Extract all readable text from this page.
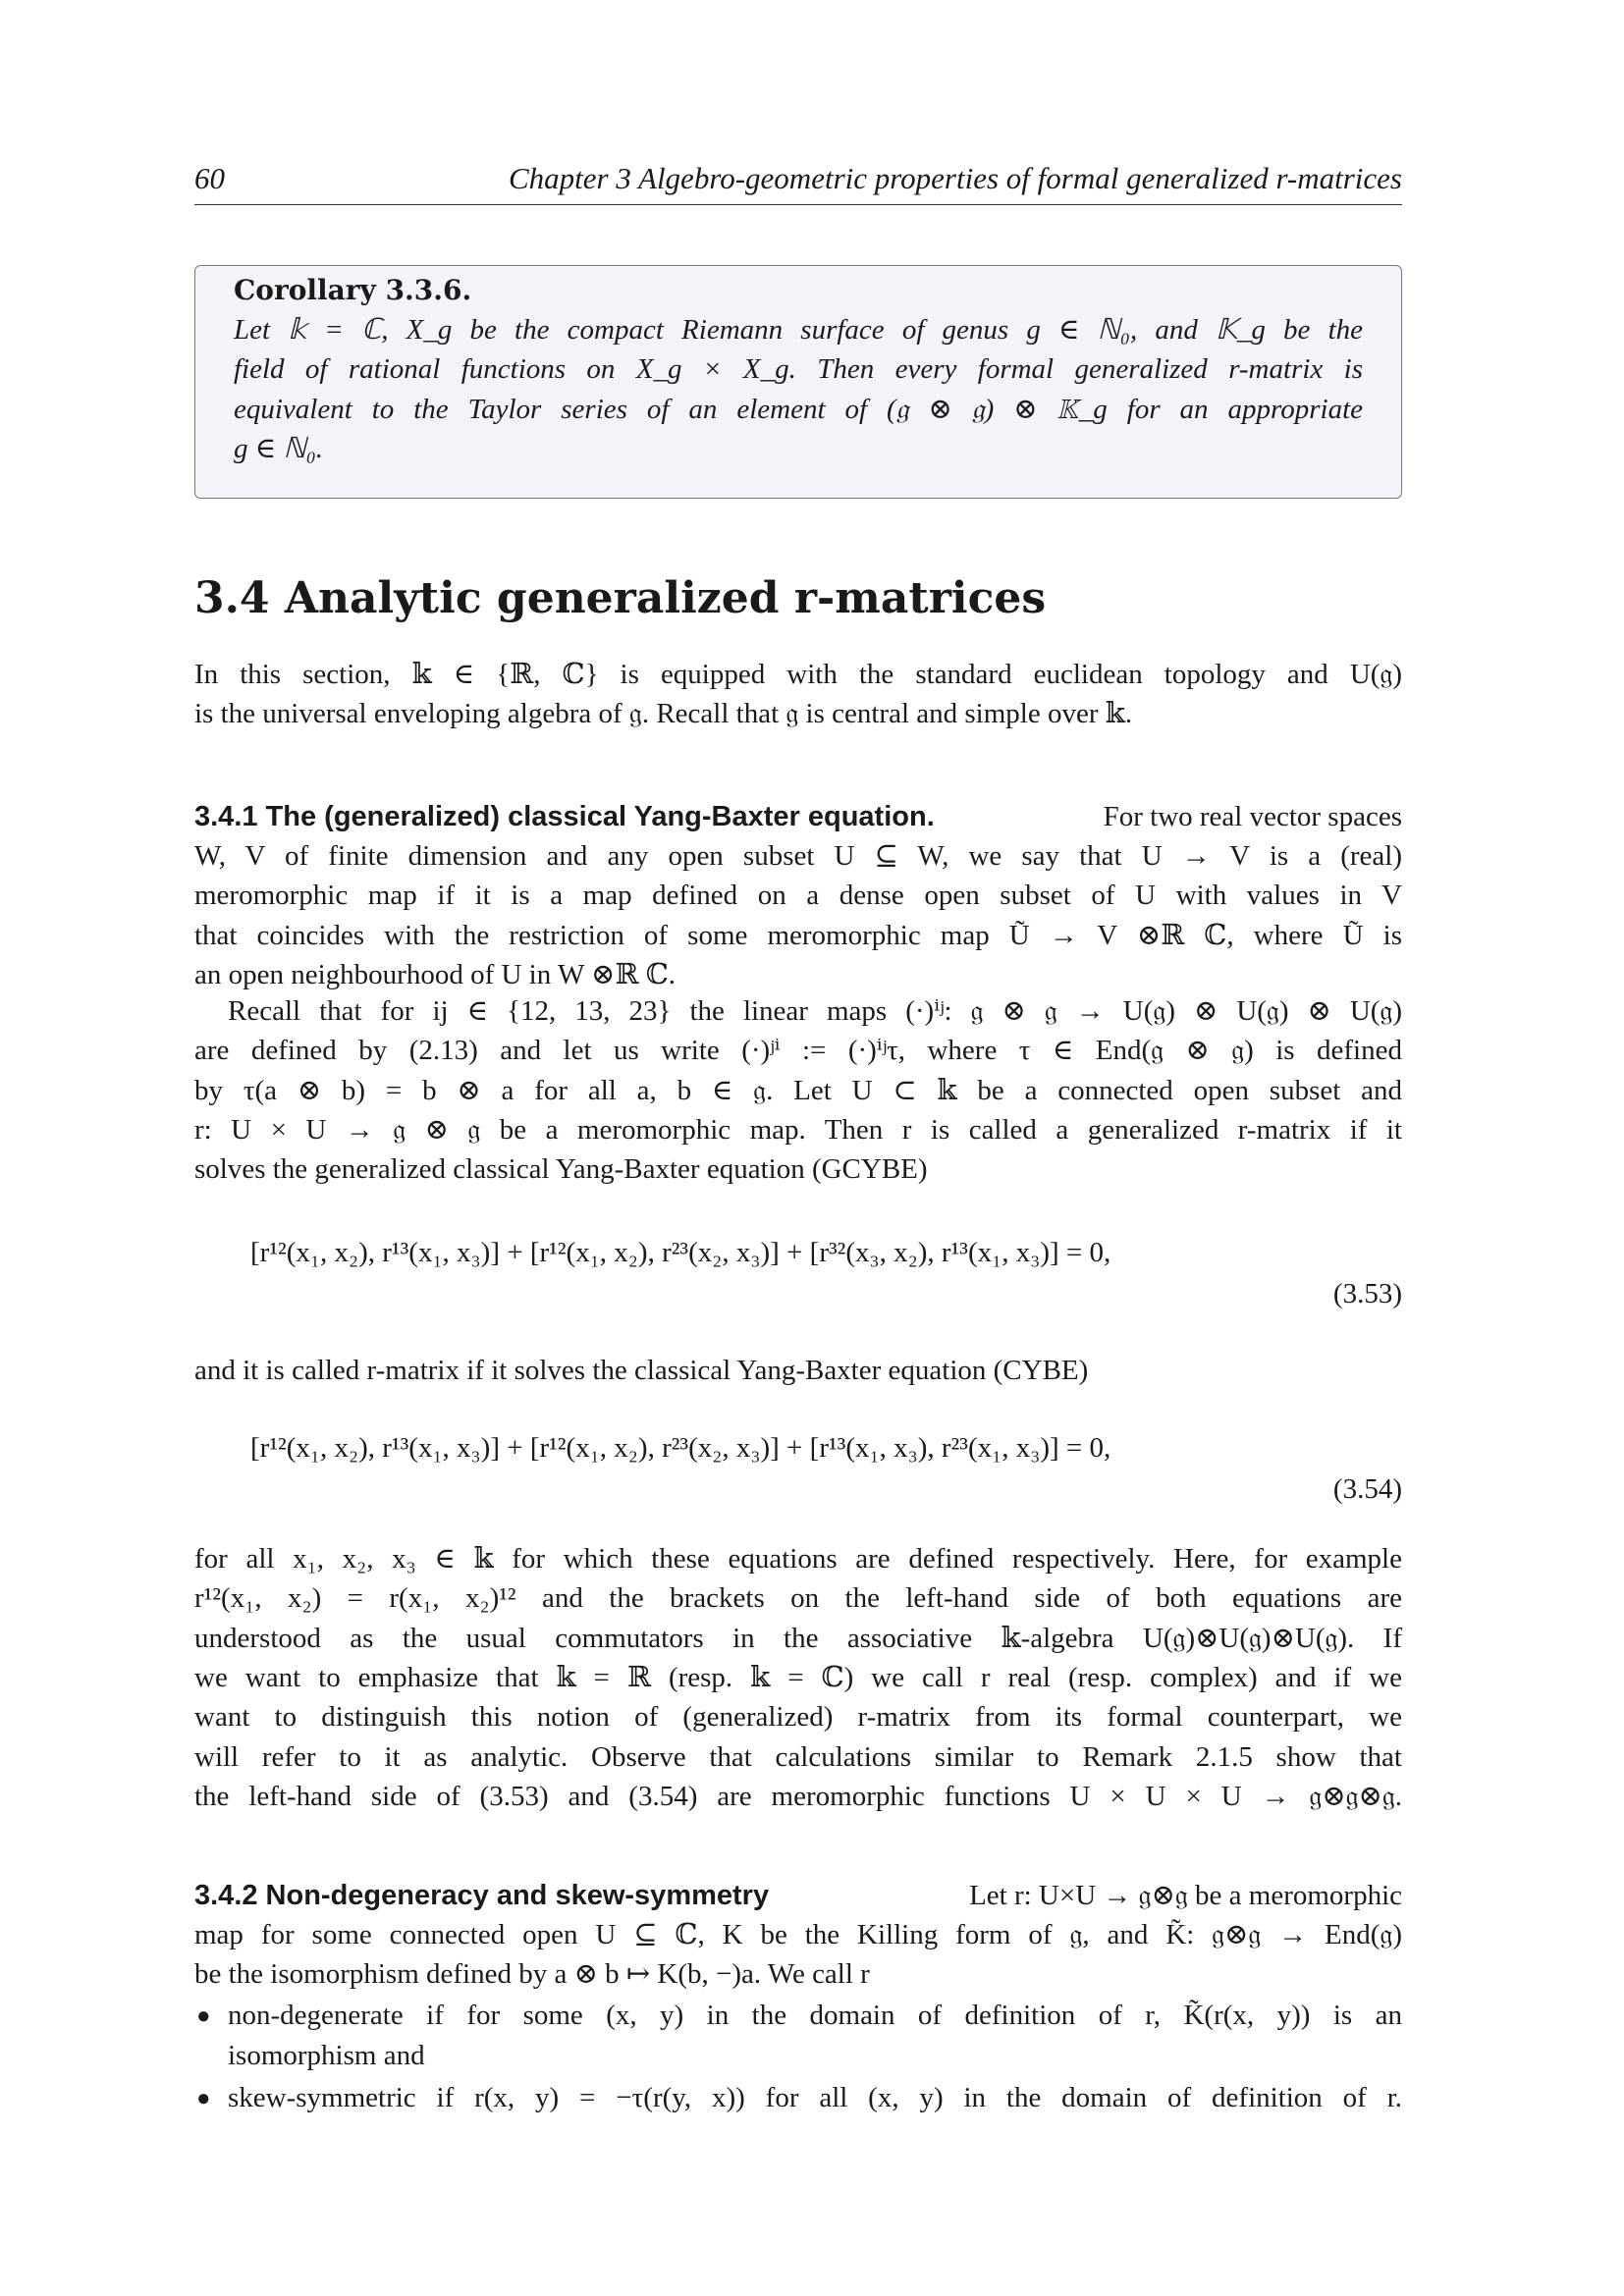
60	Chapter 3 Algebro-geometric properties of formal generalized r-matrices
Corollary 3.3.6.
Let 𝕜 = ℂ, X_g be the compact Riemann surface of genus g ∈ ℕ₀, and 𝕂_g be the
field of rational functions on X_g × X_g. Then every formal generalized r-matrix is
equivalent to the Taylor series of an element of (𝔤 ⊗ 𝔤) ⊗ 𝕂_g for an appropriate
g ∈ ℕ₀.
3.4 Analytic generalized r-matrices
In this section, 𝕜 ∈ {ℝ, ℂ} is equipped with the standard euclidean topology and U(𝔤)
is the universal enveloping algebra of 𝔤. Recall that 𝔤 is central and simple over 𝕜.
3.4.1 The (generalized) classical Yang-Baxter equation.	For two real vector spaces
W, V of finite dimension and any open subset U ⊆ W, we say that U → V is a (real)
meromorphic map if it is a map defined on a dense open subset of U with values in V
that coincides with the restriction of some meromorphic map Ũ → V ⊗ℝ ℂ, where Ũ is
an open neighbourhood of U in W ⊗ℝ ℂ.
Recall that for ij ∈ {12, 13, 23} the linear maps (·)ⁱʲ: 𝔤 ⊗ 𝔤 → U(𝔤) ⊗ U(𝔤) ⊗ U(𝔤)
are defined by (2.13) and let us write (·)ʲⁱ := (·)ⁱʲτ, where τ ∈ End(𝔤 ⊗ 𝔤) is defined
by τ(a ⊗ b) = b ⊗ a for all a, b ∈ 𝔤. Let U ⊂ 𝕜 be a connected open subset and
r: U × U → 𝔤 ⊗ 𝔤 be a meromorphic map. Then r is called a generalized r-matrix if it
solves the generalized classical Yang-Baxter equation (GCYBE)
[r¹²(x₁, x₂), r¹³(x₁, x₃)] + [r¹²(x₁, x₂), r²³(x₂, x₃)] + [r³²(x₃, x₂), r¹³(x₁, x₃)] = 0,
(3.53)
and it is called r-matrix if it solves the classical Yang-Baxter equation (CYBE)
[r¹²(x₁, x₂), r¹³(x₁, x₃)] + [r¹²(x₁, x₂), r²³(x₂, x₃)] + [r¹³(x₁, x₃), r²³(x₁, x₃)] = 0,
(3.54)
for all x₁, x₂, x₃ ∈ 𝕜 for which these equations are defined respectively. Here, for example
r¹²(x₁, x₂) = r(x₁, x₂)¹² and the brackets on the left-hand side of both equations are
understood as the usual commutators in the associative 𝕜-algebra U(𝔤)⊗U(𝔤)⊗U(𝔤). If
we want to emphasize that 𝕜 = ℝ (resp. 𝕜 = ℂ) we call r real (resp. complex) and if we
want to distinguish this notion of (generalized) r-matrix from its formal counterpart, we
will refer to it as analytic. Observe that calculations similar to Remark 2.1.5 show that
the left-hand side of (3.53) and (3.54) are meromorphic functions U × U × U → 𝔤⊗𝔤⊗𝔤.
3.4.2 Non-degeneracy and skew-symmetry	Let r: U×U → 𝔤⊗𝔤 be a meromorphic
map for some connected open U ⊆ ℂ, K be the Killing form of 𝔤, and K̃: 𝔤⊗𝔤 → End(𝔤)
be the isomorphism defined by a ⊗ b ↦ K(b, −)a. We call r
● non-degenerate if for some (x, y) in the domain of definition of r, K̃(r(x, y)) is an
isomorphism and
● skew-symmetric if r(x, y) = −τ(r(y, x)) for all (x, y) in the domain of definition of r.
